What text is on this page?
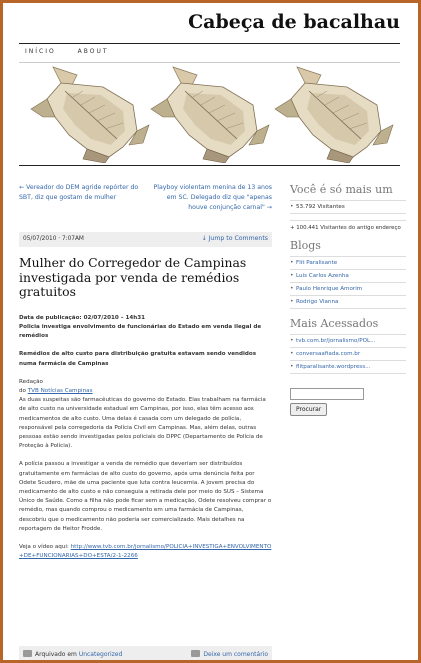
Cabeça de bacalhau
INÍCIO	ABOUT
← Vereador do DEM agride repórter do SBT, diz que gostam de mulher
Playboy violentam menina de 13 anos em SC. Delegado diz que "apenas houve conjunção carnal" →
05/07/2010 · 7:07AM	↓ Jump to Comments
Mulher do Corregedor de Campinas investigada por venda de remédios gratuitos

Data de publicação: 02/07/2010 – 14h31
Policia investiga envolvimento de funcionárias do Estado em venda ilegal de remédios

Remédios de alto custo para distribuição gratuita estavam sendo vendidos numa farmácia de Campinas

Redação

do TVB Notícias Campinas
As duas suspeitas são farmacêuticas do governo do Estado. Elas trabalham na farmácia de alto custo na universidade estadual em Campinas, por isso, elas têm acesso aos medicamentos de alto custo. Uma delas é casada com um delegado de polícia, responsável pela corregedoria da Polícia Civil em Campinas. Mas, além delas, outras pessoas estão sendo investigadas pelos policiais do DPPC (Departamento de Polícia de Proteção à Polícia).

A polícia passou a investigar a venda de remédio que deveriam ser distribuídos gratuitamente em farmácias de alto custo do governo, após uma denúncia feita por Odete Scudero, mãe de uma paciente que luta contra leucemia. A jovem precisa do medicamento de alto custo e não conseguia a retirada dele por meio do SUS – Sistema Único de Saúde. Como a filha não pode ficar sem a medicação, Odete resolveu comprar o remédio, mas quando comprou o medicamento em uma farmácia de Campinas, descobriu que o medicamento não poderia ser comercializado. Mais detalhes na reportagem de Heitor Frodde.

Veja o vídeo aqui: http://www.tvb.com.br/jornalismo/POLICIA+INVESTIGA+ENVOLVIMENTO+DE+FUNCIONARIAS+DO+ESTA/2-1-2266

Arquivado em Uncategorized	Deixe um comentário
Você é só mais um
• 53.792 Visitantes
+ 100.441 Visitantes do antigo endereço
Blogs
• Flit Paralisante
• Luis Carlos Azenha
• Paulo Henrique Amorim
• Rodrigo Vianna
Mais Acessados
• tvb.com.br/jornalismo/POL...
• conversaafiada.com.br
• flitparalisante.wordpress...
Procurar
